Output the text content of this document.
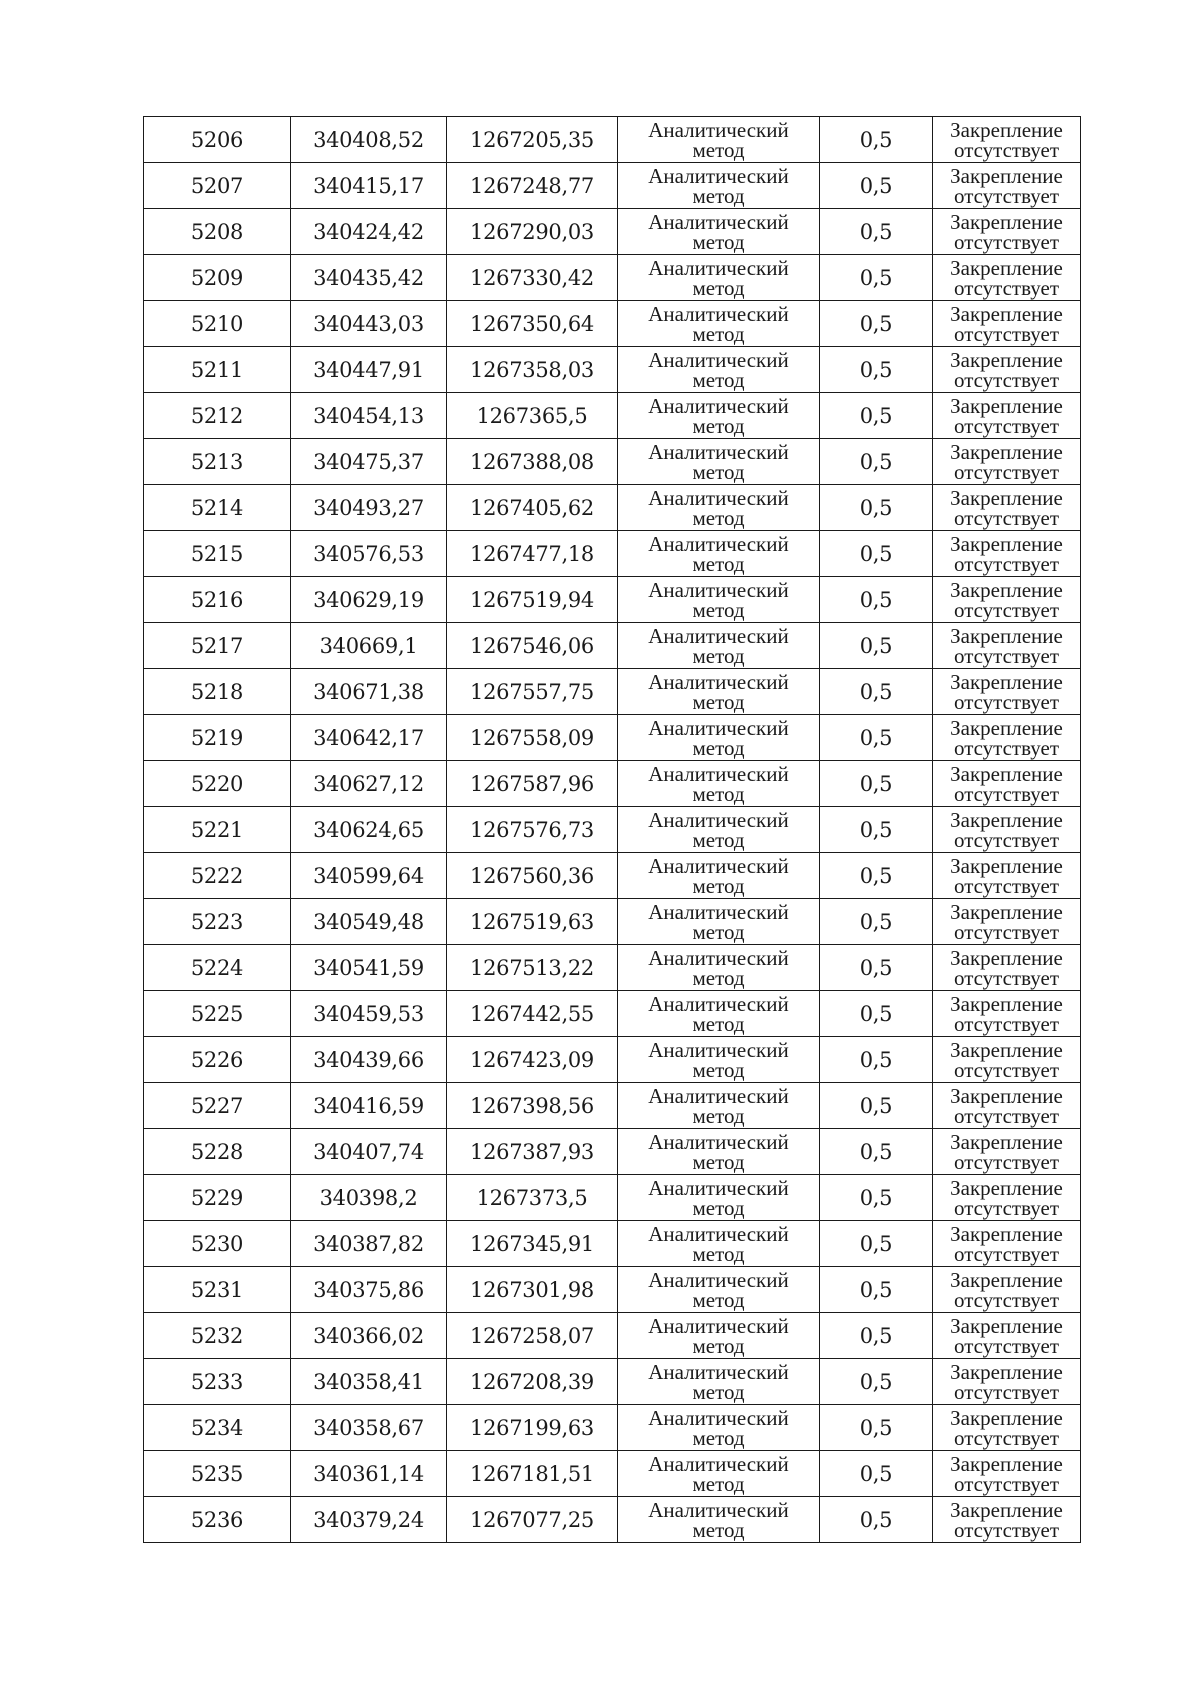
5206	340408,52	1267205,35	Аналитический
метод	0,5	Закрепление
отсутствует

5207	340415,17	1267248,77	Аналитический
метод	0,5	Закрепление
отсутствует

5208	340424,42	1267290,03	Аналитический
метод	0,5	Закрепление
отсутствует

5209	340435,42	1267330,42	Аналитический
метод	0,5	Закрепление
отсутствует

5210	340443,03	1267350,64	Аналитический
метод	0,5	Закрепление
отсутствует

5211	340447,91	1267358,03	Аналитический
метод	0,5	Закрепление
отсутствует

5212	340454,13	1267365,5	Аналитический
метод	0,5	Закрепление
отсутствует

5213	340475,37	1267388,08	Аналитический
метод	0,5	Закрепление
отсутствует

5214	340493,27	1267405,62	Аналитический
метод	0,5	Закрепление
отсутствует

5215	340576,53	1267477,18	Аналитический
метод	0,5	Закрепление
отсутствует

5216	340629,19	1267519,94	Аналитический
метод	0,5	Закрепление
отсутствует

5217	340669,1	1267546,06	Аналитический
метод	0,5	Закрепление
отсутствует

5218	340671,38	1267557,75	Аналитический
метод	0,5	Закрепление
отсутствует

5219	340642,17	1267558,09	Аналитический
метод	0,5	Закрепление
отсутствует

5220	340627,12	1267587,96	Аналитический
метод	0,5	Закрепление
отсутствует

5221	340624,65	1267576,73	Аналитический
метод	0,5	Закрепление
отсутствует

5222	340599,64	1267560,36	Аналитический
метод	0,5	Закрепление
отсутствует

5223	340549,48	1267519,63	Аналитический
метод	0,5	Закрепление
отсутствует

5224	340541,59	1267513,22	Аналитический
метод	0,5	Закрепление
отсутствует

5225	340459,53	1267442,55	Аналитический
метод	0,5	Закрепление
отсутствует

5226	340439,66	1267423,09	Аналитический
метод	0,5	Закрепление
отсутствует

5227	340416,59	1267398,56	Аналитический
метод	0,5	Закрепление
отсутствует

5228	340407,74	1267387,93	Аналитический
метод	0,5	Закрепление
отсутствует

5229	340398,2	1267373,5	Аналитический
метод	0,5	Закрепление
отсутствует

5230	340387,82	1267345,91	Аналитический
метод	0,5	Закрепление
отсутствует

5231	340375,86	1267301,98	Аналитический
метод	0,5	Закрепление
отсутствует

5232	340366,02	1267258,07	Аналитический
метод	0,5	Закрепление
отсутствует

5233	340358,41	1267208,39	Аналитический
метод	0,5	Закрепление
отсутствует

5234	340358,67	1267199,63	Аналитический
метод	0,5	Закрепление
отсутствует

5235	340361,14	1267181,51	Аналитический
метод	0,5	Закрепление
отсутствует

5236	340379,24	1267077,25	Аналитический
метод	0,5	Закрепление
отсутствует
